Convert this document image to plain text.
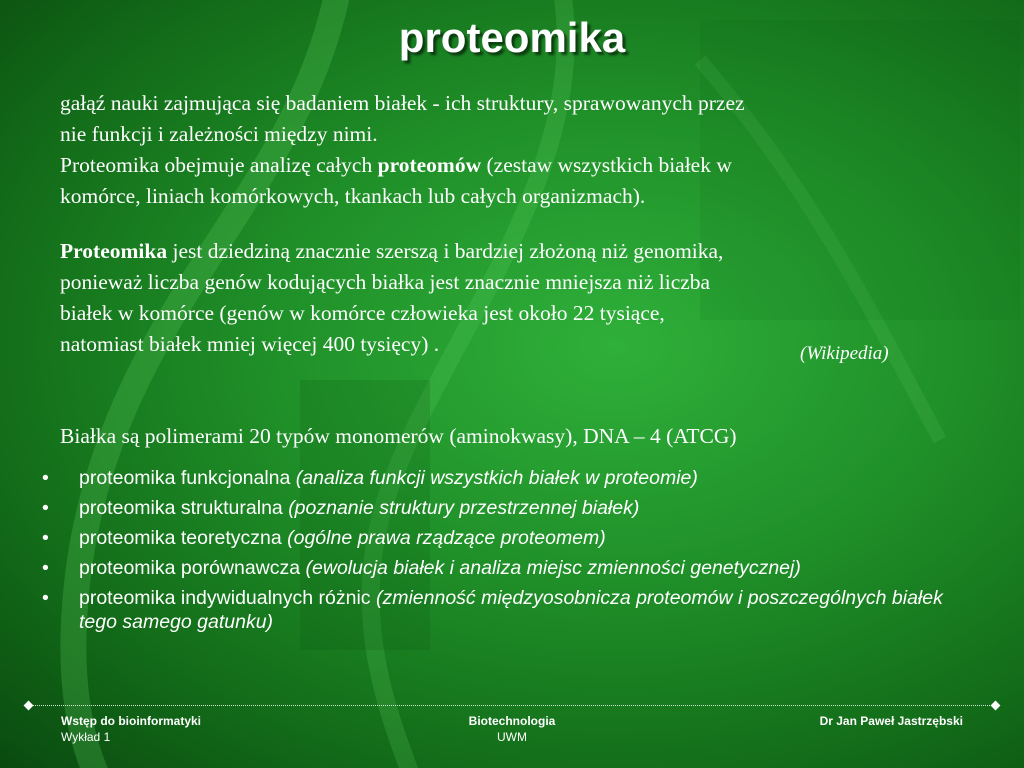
proteomika
gałąź nauki zajmująca się badaniem białek - ich struktury, sprawowanych przez
nie funkcji i zależności między nimi.
Proteomika obejmuje analizę całych proteomów (zestaw wszystkich białek w
komórce, liniach komórkowych, tkankach lub całych organizmach).
Proteomika jest dziedziną znacznie szerszą i bardziej złożoną niż genomika,
ponieważ liczba genów kodujących białka jest znacznie mniejsza niż liczba
białek w komórce (genów w komórce człowieka jest około 22 tysiące,
natomiast białek mniej więcej 400 tysięcy) .	(Wikipedia)
Białka są polimerami 20 typów monomerów (aminokwasy), DNA – 4 (ATCG)
• proteomika funkcjonalna (analiza funkcji wszystkich białek w proteomie)
• proteomika strukturalna (poznanie struktury przestrzennej białek)
• proteomika teoretyczna (ogólne prawa rządzące proteomem)
• proteomika porównawcza (ewolucja białek i analiza miejsc zmienności genetycznej)
• proteomika indywidualnych różnic (zmienność międzyosobnicza proteomów i poszczególnych białek tego samego gatunku)
Wstęp do bioinformatyki
Wykład 1
Biotechnologia
UWM
Dr Jan Paweł Jastrzębski
